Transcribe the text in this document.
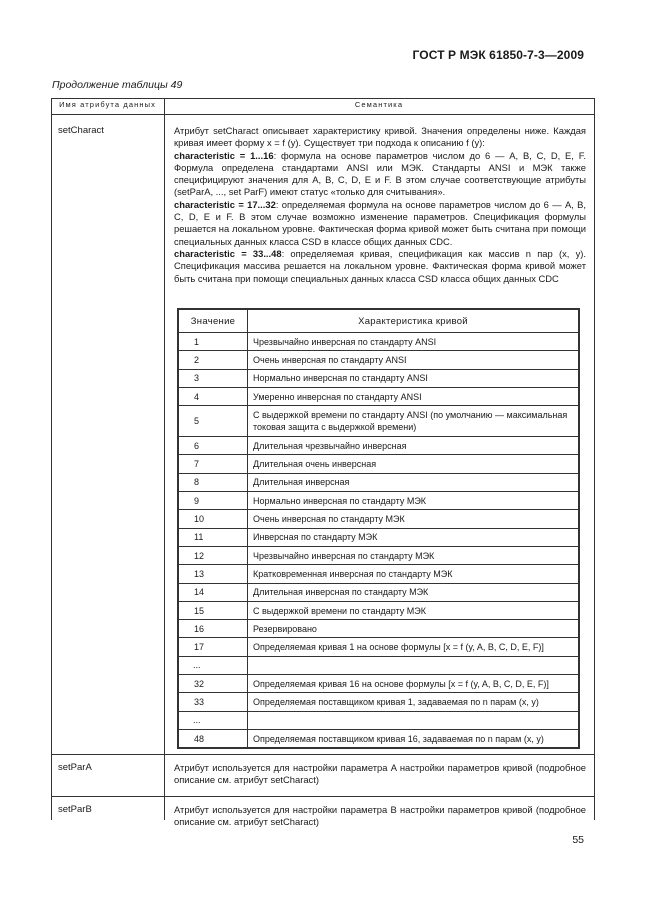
ГОСТ Р МЭК 61850-7-3—2009
Продолжение таблицы 49
Имя атрибута данных	Семантика
setCharact	Атрибут setCharact описывает характеристику кривой. Значения определены ниже. Каждая кривая имеет форму x = f (y). Существует три подхода к описанию f (y):
characteristic = 1...16: формула на основе параметров числом до 6 — A, B, C, D, E, F. Формула определена стандартами ANSI или МЭК. Стандарты ANSI и МЭК также специфицируют значения для A, B, C, D, E и F. В этом случае соответствующие атрибуты (setParA, ..., set ParF) имеют статус «только для считывания».
characteristic = 17...32: определяемая формула на основе параметров числом до 6 — A, B, C, D, E и F. В этом случае возможно изменение параметров. Спецификация формулы решается на локальном уровне. Фактическая форма кривой может быть считана при помощи специальных данных класса CSD в классе общих данных CDC.
characteristic = 33...48: определяемая кривая, спецификация как массив n пар (x, y). Спецификация массива решается на локальном уровне. Фактическая форма кривой может быть считана при помощи специальных данных класса CSD класса общих данных CDC
Значение	Характеристика кривой
1	Чрезвычайно инверсная по стандарту ANSI
2	Очень инверсная по стандарту ANSI
3	Нормально инверсная по стандарту ANSI
4	Умеренно инверсная по стандарту ANSI
5	С выдержкой времени по стандарту ANSI (по умолчанию — максимальная токовая защита с выдержкой времени)
6	Длительная чрезвычайно инверсная
7	Длительная очень инверсная
8	Длительная инверсная
9	Нормально инверсная по стандарту МЭК
10	Очень инверсная по стандарту МЭК
11	Инверсная по стандарту МЭК
12	Чрезвычайно инверсная по стандарту МЭК
13	Кратковременная инверсная по стандарту МЭК
14	Длительная инверсная по стандарту МЭК
15	С выдержкой времени по стандарту МЭК
16	Резервировано
17	Определяемая кривая 1 на основе формулы [x = f (y, A, B, C, D, E, F)]
...	
32	Определяемая кривая 16 на основе формулы [x = f (y, A, B, C, D, E, F)]
33	Определяемая поставщиком кривая 1, задаваемая по n парам (x, y)
...	
48	Определяемая поставщиком кривая 16, задаваемая по n парам (x, y)
setParA	Атрибут используется для настройки параметра A настройки параметров кривой (подробное описание см. атрибут setCharact)
setParB	Атрибут используется для настройки параметра B настройки параметров кривой (подробное описание см. атрибут setCharact)
55
